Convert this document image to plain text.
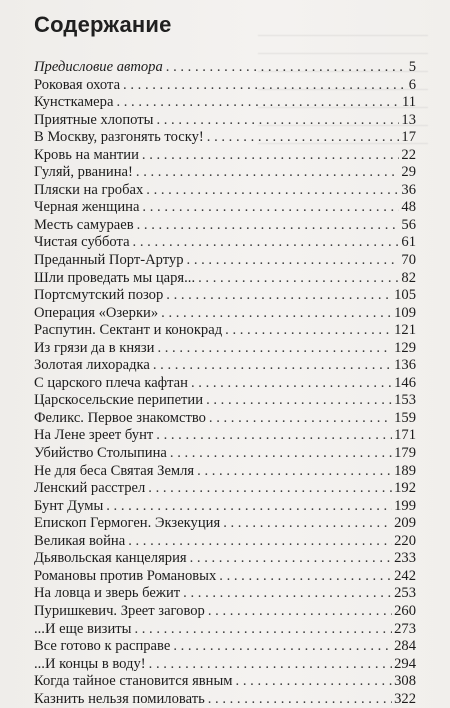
Содержание
Предисловие автора . . .	5
Роковая охота . . .	6
Кунсткамера . . .	11
Приятные хлопоты . . .	13
В Москву, разгонять тоску! . . .	17
Кровь на мантии . . .	22
Гуляй, рванина! . . .	29
Пляски на гробах . . .	36
Черная женщина . . .	48
Месть самураев . . .	56
Чистая суббота . . .	61
Преданный Порт-Артур . . .	70
Шли проведать мы царя... . . .	82
Портсмутский позор . . .	105
Операция «Озерки» . . .	109
Распутин. Сектант и конокрад . . .	121
Из грязи да в князи . . .	129
Золотая лихорадка . . .	136
С царского плеча кафтан . . .	146
Царскосельские перипетии . . .	153
Феликс. Первое знакомство . . .	159
На Лене зреет бунт . . .	171
Убийство Столыпина . . .	179
Не для беса Святая Земля . . .	189
Ленский расстрел . . .	192
Бунт Думы . . .	199
Епископ Гермоген. Экзекуция . . .	209
Великая война . . .	220
Дьявольская канцелярия . . .	233
Романовы против Романовых . . .	242
На ловца и зверь бежит . . .	253
Пуришкевич. Зреет заговор . . .	260
...И еще визиты . . .	273
Все готово к расправе . . .	284
...И концы в воду! . . .	294
Когда тайное становится явным . . .	308
Казнить нельзя помиловать . . .	322
